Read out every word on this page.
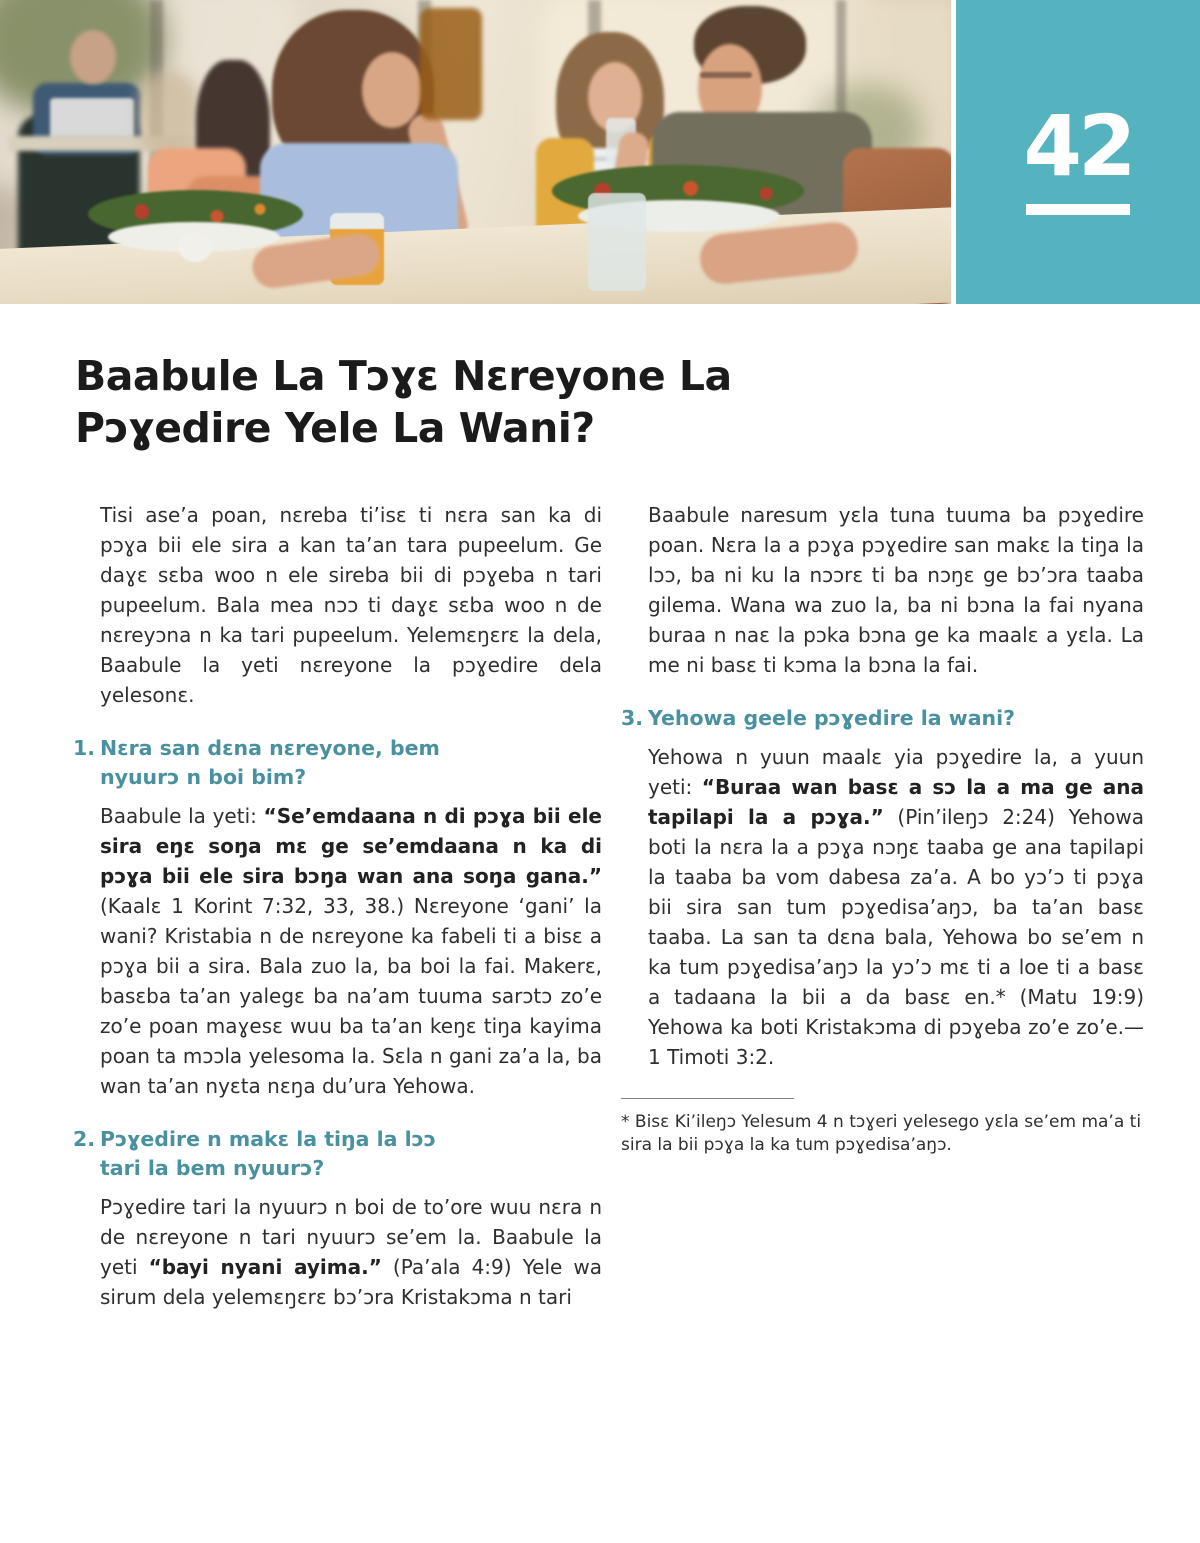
42
Baabule La Tɔɣɛ Nɛreyone La
Pɔɣedire Yele La Wani?

Tisi ase’a poan, nɛreba ti’isɛ ti nɛra san ka di pɔɣa bii ele sira a kan ta’an tara pupeelum. Ge daɣɛ sɛba woo n ele sireba bii di pɔɣeba n tari pupeelum. Bala mea nɔɔ ti daɣɛ sɛba woo n de nɛreyɔna n ka tari pupeelum. Yelemɛŋɛrɛ la dela, Baabule la yeti nɛreyone la pɔɣedire dela yelesonɛ.

1. Nɛra san dɛna nɛreyone, bem
nyuurɔ n boi bim?

Baabule la yeti: “Se’emdaana n di pɔɣa bii ele sira eŋɛ soŋa mɛ ge se’emdaana n ka di pɔɣa bii ele sira bɔŋa wan ana soŋa gana.” (Kaalɛ 1 Korint 7:32, 33, 38.) Nɛreyone ‘gani’ la wani? Kristabia n de nɛreyone ka fabeli ti a bisɛ a pɔɣa bii a sira. Bala zuo la, ba boi la fai. Makerɛ, basɛba ta’an yalegɛ ba na’am tuuma sarɔtɔ zo’e zo’e poan maɣesɛ wuu ba ta’an keŋɛ tiŋa kayima poan ta mɔɔla yelesoma la. Sɛla n gani za’a la, ba wan ta’an nyɛta nɛŋa du’ura Yehowa.

2. Pɔɣedire n makɛ la tiŋa la lɔɔ
tari la bem nyuurɔ?

Pɔɣedire tari la nyuurɔ n boi de to’ore wuu nɛra n de nɛreyone n tari nyuurɔ se’em la. Baabule la yeti “bayi nyani ayima.” (Pa’ala 4:9) Yele wa sirum dela yelemɛŋɛrɛ bɔ’ɔra Kristakɔma n tari

Baabule naresum yɛla tuna tuuma ba pɔɣedire poan. Nɛra la a pɔɣa pɔɣedire san makɛ la tiŋa la lɔɔ, ba ni ku la nɔɔrɛ ti ba nɔŋɛ ge bɔ’ɔra taaba gilema. Wana wa zuo la, ba ni bɔna la fai nyana buraa n naɛ la pɔka bɔna ge ka maalɛ a yɛla. La me ni basɛ ti kɔma la bɔna la fai.

3. Yehowa geele pɔɣedire la wani?

Yehowa n yuun maalɛ yia pɔɣedire la, a yuun yeti: “Buraa wan basɛ a sɔ la a ma ge ana tapilapi la a pɔɣa.” (Pin’ileŋɔ 2:24) Yehowa boti la nɛra la a pɔɣa nɔŋɛ taaba ge ana tapilapi la taaba ba vom dabesa za’a. A bo yɔ’ɔ ti pɔɣa bii sira san tum pɔɣedisa’aŋɔ, ba ta’an basɛ taaba. La san ta dɛna bala, Yehowa bo se’em n ka tum pɔɣedisa’aŋɔ la yɔ’ɔ mɛ ti a loe ti a basɛ a tadaana la bii a da basɛ en.* (Matu 19:9) Yehowa ka boti Kristakɔma di pɔɣeba zo’e zo’e.—1 Timoti 3:2.

* Bisɛ Ki’ileŋɔ Yelesum 4 n tɔɣeri yelesego yɛla se’em ma’a ti sira la bii pɔɣa la ka tum pɔɣedisa’aŋɔ.
